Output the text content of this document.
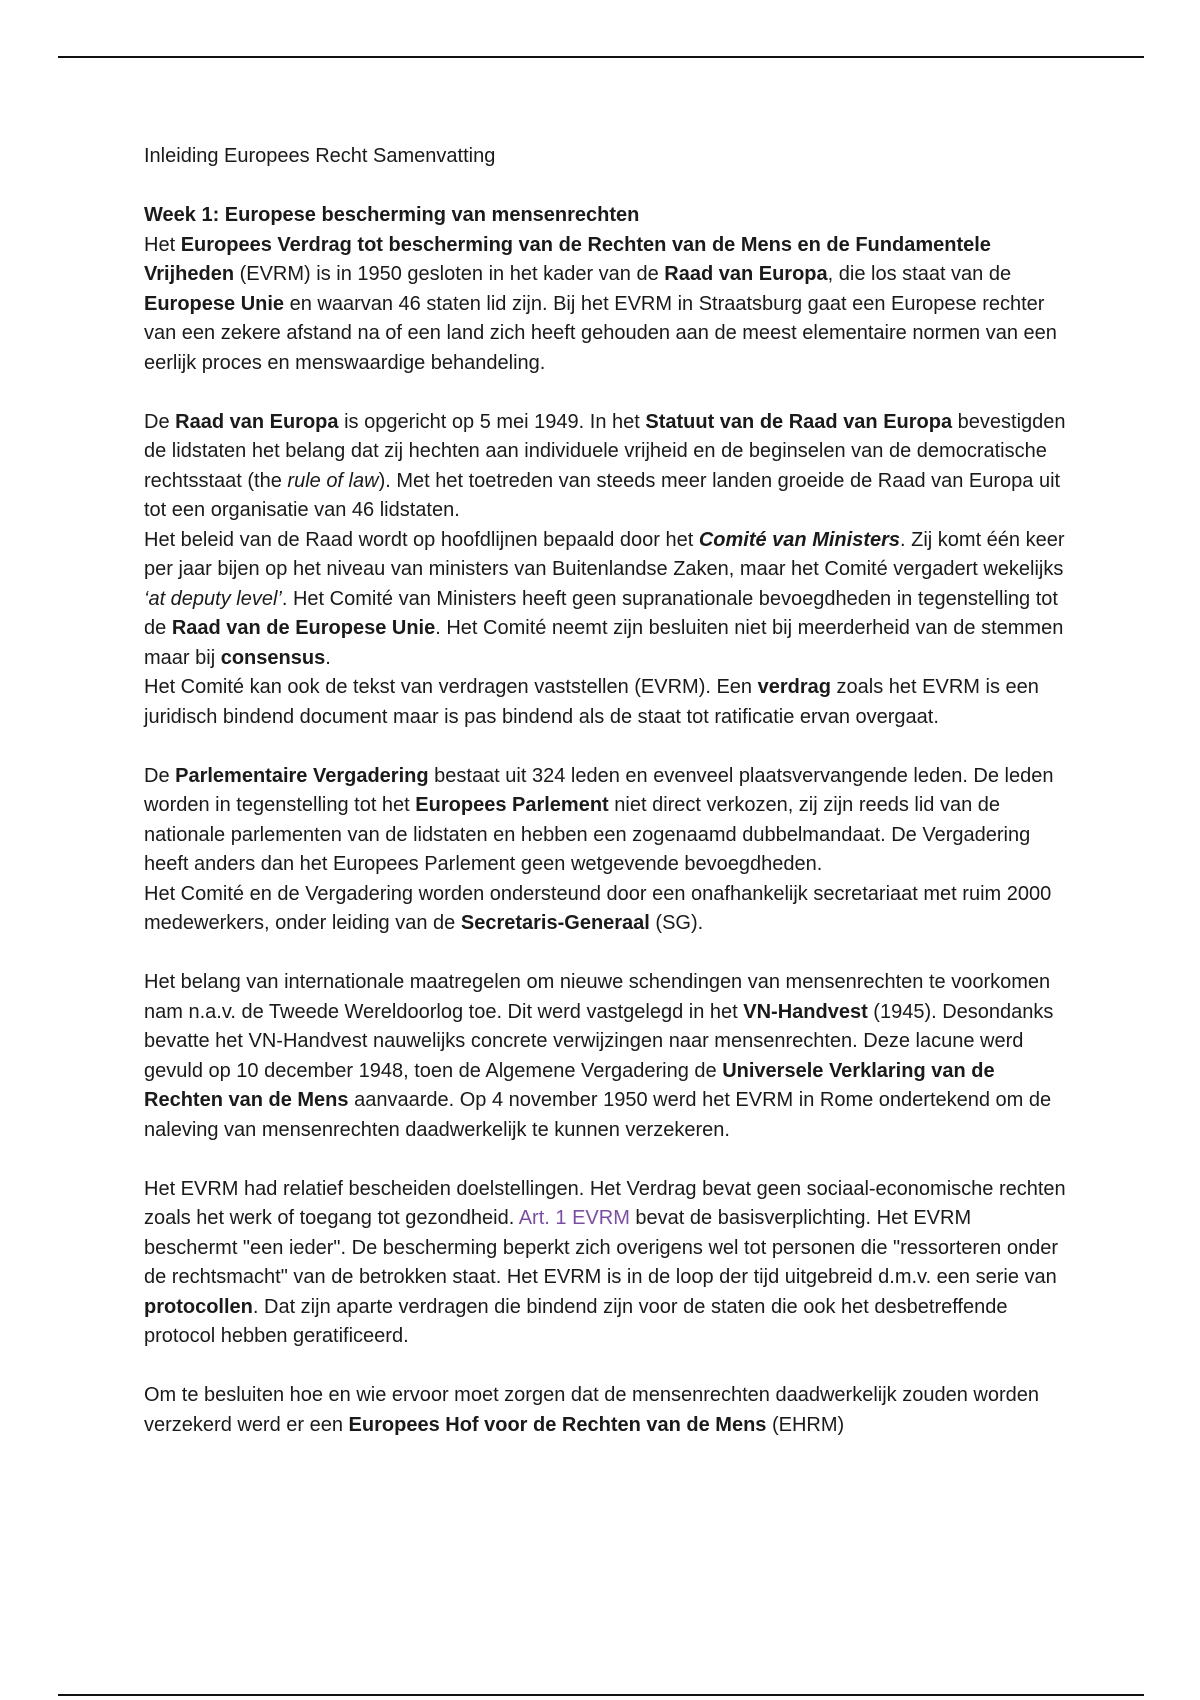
Inleiding Europees Recht Samenvatting

Week 1: Europese bescherming van mensenrechten

Het Europees Verdrag tot bescherming van de Rechten van de Mens en de Fundamentele Vrijheden (EVRM) is in 1950 gesloten in het kader van de Raad van Europa, die los staat van de Europese Unie en waarvan 46 staten lid zijn. Bij het EVRM in Straatsburg gaat een Europese rechter van een zekere afstand na of een land zich heeft gehouden aan de meest elementaire normen van een eerlijk proces en menswaardige behandeling.

De Raad van Europa is opgericht op 5 mei 1949. In het Statuut van de Raad van Europa bevestigden de lidstaten het belang dat zij hechten aan individuele vrijheid en de beginselen van de democratische rechtsstaat (the rule of law). Met het toetreden van steeds meer landen groeide de Raad van Europa uit tot een organisatie van 46 lidstaten.

Het beleid van de Raad wordt op hoofdlijnen bepaald door het Comité van Ministers. Zij komt één keer per jaar bijen op het niveau van ministers van Buitenlandse Zaken, maar het Comité vergadert wekelijks ‘at deputy level’. Het Comité van Ministers heeft geen supranationale bevoegdheden in tegenstelling tot de Raad van de Europese Unie. Het Comité neemt zijn besluiten niet bij meerderheid van de stemmen maar bij consensus.

Het Comité kan ook de tekst van verdragen vaststellen (EVRM). Een verdrag zoals het EVRM is een juridisch bindend document maar is pas bindend als de staat tot ratificatie ervan overgaat.

De Parlementaire Vergadering bestaat uit 324 leden en evenveel plaatsvervangende leden. De leden worden in tegenstelling tot het Europees Parlement niet direct verkozen, zij zijn reeds lid van de nationale parlementen van de lidstaten en hebben een zogenaamd dubbelmandaat. De Vergadering heeft anders dan het Europees Parlement geen wetgevende bevoegdheden.

Het Comité en de Vergadering worden ondersteund door een onafhankelijk secretariaat met ruim 2000 medewerkers, onder leiding van de Secretaris-Generaal (SG).

Het belang van internationale maatregelen om nieuwe schendingen van mensenrechten te voorkomen nam n.a.v. de Tweede Wereldoorlog toe. Dit werd vastgelegd in het VN-Handvest (1945). Desondanks bevatte het VN-Handvest nauwelijks concrete verwijzingen naar mensenrechten. Deze lacune werd gevuld op 10 december 1948, toen de Algemene Vergadering de Universele Verklaring van de Rechten van de Mens aanvaarde. Op 4 november 1950 werd het EVRM in Rome ondertekend om de naleving van mensenrechten daadwerkelijk te kunnen verzekeren.

Het EVRM had relatief bescheiden doelstellingen. Het Verdrag bevat geen sociaal-economische rechten zoals het werk of toegang tot gezondheid. Art. 1 EVRM bevat de basisverplichting. Het EVRM beschermt "een ieder". De bescherming beperkt zich overigens wel tot personen die "ressorteren onder de rechtsmacht" van de betrokken staat. Het EVRM is in de loop der tijd uitgebreid d.m.v. een serie van protocollen. Dat zijn aparte verdragen die bindend zijn voor de staten die ook het desbetreffende protocol hebben geratificeerd.

Om te besluiten hoe en wie ervoor moet zorgen dat de mensenrechten daadwerkelijk zouden worden verzekerd werd er een Europees Hof voor de Rechten van de Mens (EHRM)
